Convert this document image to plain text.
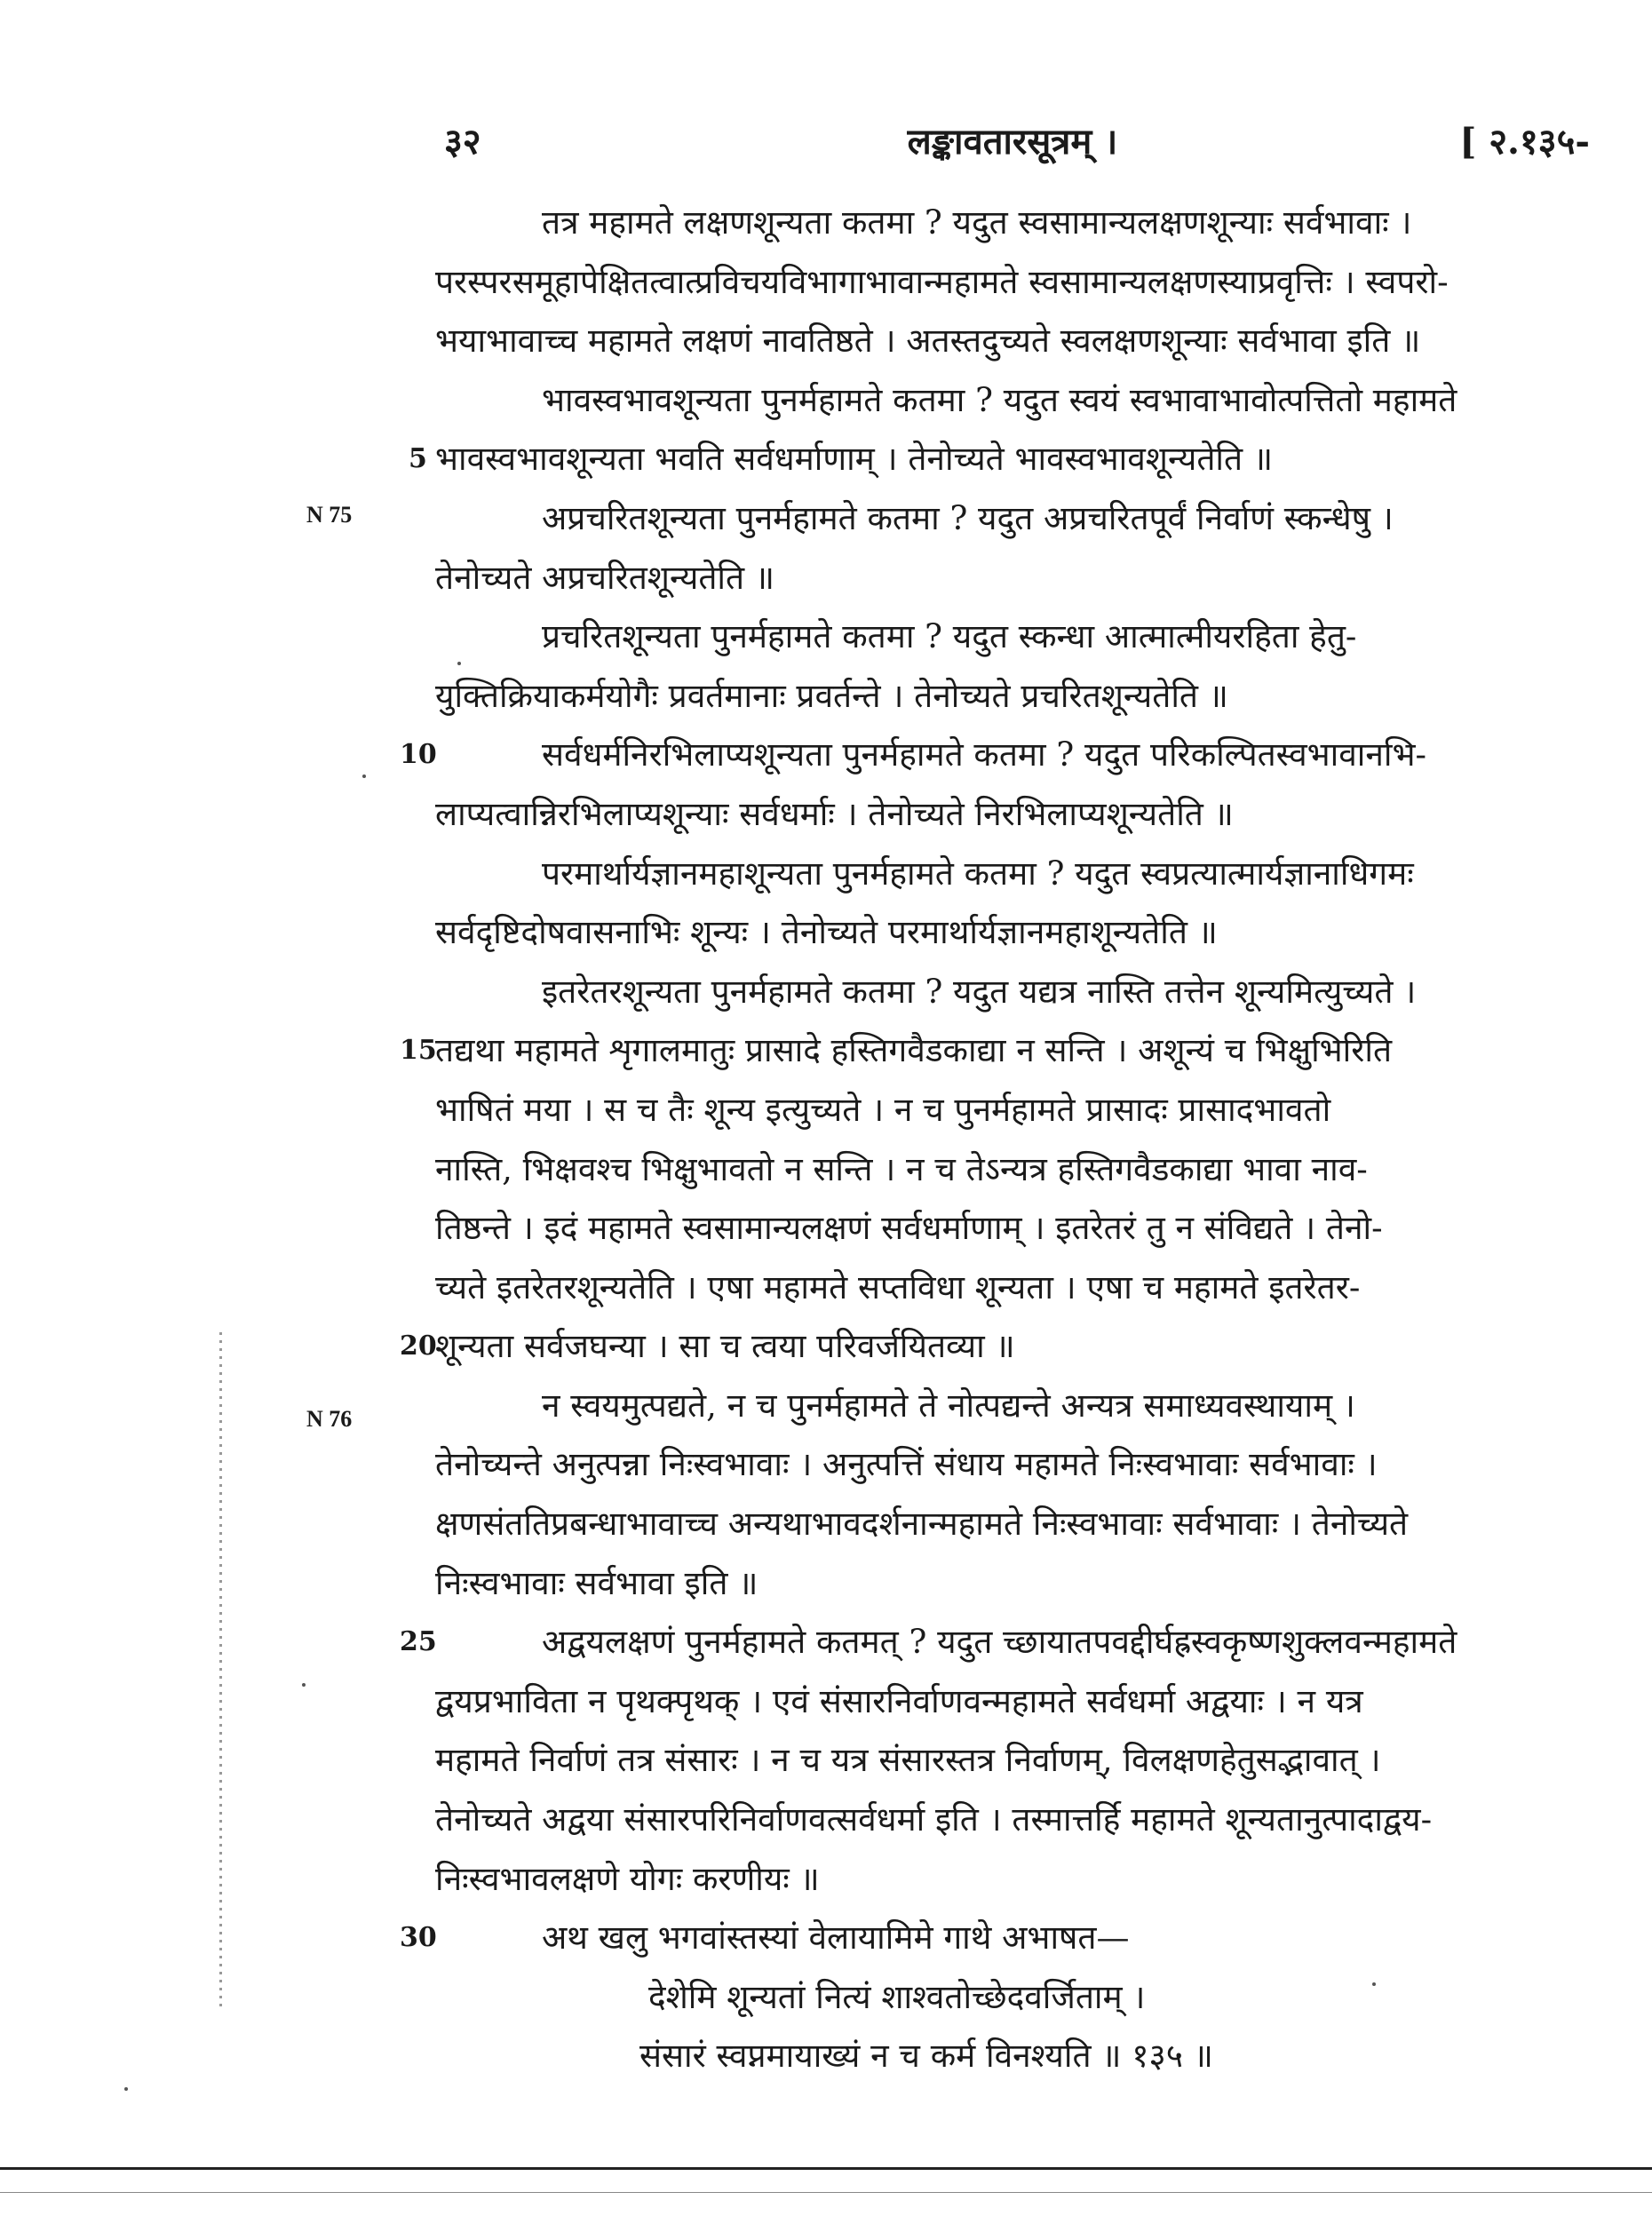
३२	लङ्कावतारसूत्रम् ।	[ २.१३५-
N 75
N 76
तत्र महामते लक्षणशून्यता कतमा ? यदुत स्वसामान्यलक्षणशून्याः सर्वभावाः ।
परस्परसमूहापेक्षितत्वात्प्रविचयविभागाभावान्महामते स्वसामान्यलक्षणस्याप्रवृत्तिः । स्वपरो-
भयाभावाच्च महामते लक्षणं नावतिष्ठते । अतस्तदुच्यते स्वलक्षणशून्याः सर्वभावा इति ॥
भावस्वभावशून्यता पुनर्महामते कतमा ? यदुत स्वयं स्वभावाभावोत्पत्तितो महामते
5 भावस्वभावशून्यता भवति सर्वधर्माणाम् । तेनोच्यते भावस्वभावशून्यतेति ॥
अप्रचरितशून्यता पुनर्महामते कतमा ? यदुत अप्रचरितपूर्वं निर्वाणं स्कन्धेषु ।
तेनोच्यते अप्रचरितशून्यतेति ॥
प्रचरितशून्यता पुनर्महामते कतमा ? यदुत स्कन्धा आत्मात्मीयरहिता हेतु-
युक्तिक्रियाकर्मयोगैः प्रवर्तमानाः प्रवर्तन्ते । तेनोच्यते प्रचरितशून्यतेति ॥
10	सर्वधर्मनिरभिलाप्यशून्यता पुनर्महामते कतमा ? यदुत परिकल्पितस्वभावानभि-
लाप्यत्वान्निरभिलाप्यशून्याः सर्वधर्माः । तेनोच्यते निरभिलाप्यशून्यतेति ॥
परमार्थार्यज्ञानमहाशून्यता पुनर्महामते कतमा ? यदुत स्वप्रत्यात्मार्यज्ञानाधिगमः
सर्वदृष्टिदोषवासनाभिः शून्यः । तेनोच्यते परमार्थार्यज्ञानमहाशून्यतेति ॥
इतरेतरशून्यता पुनर्महामते कतमा ? यदुत यद्यत्र नास्ति तत्तेन शून्यमित्युच्यते ।
15
तद्यथा महामते शृगालमातुः प्रासादे हस्तिगवैडकाद्या न सन्ति । अशून्यं च भिक्षुभिरिति
भाषितं मया । स च तैः शून्य इत्युच्यते । न च पुनर्महामते प्रासादः प्रासादभावतो
नास्ति, भिक्षवश्च भिक्षुभावतो न सन्ति । न च तेऽन्यत्र हस्तिगवैडकाद्या भावा नाव-
तिष्ठन्ते । इदं महामते स्वसामान्यलक्षणं सर्वधर्माणाम् । इतरेतरं तु न संविद्यते । तेनो-
च्यते इतरेतरशून्यतेति । एषा महामते सप्तविधा शून्यता । एषा च महामते इतरेतर-
20
शून्यता सर्वजघन्या । सा च त्वया परिवर्जयितव्या ॥
न स्वयमुत्पद्यते, न च पुनर्महामते ते नोत्पद्यन्ते अन्यत्र समाध्यवस्थायाम् ।
तेनोच्यन्ते अनुत्पन्ना निःस्वभावाः । अनुत्पत्तिं संधाय महामते निःस्वभावाः सर्वभावाः ।
क्षणसंततिप्रबन्धाभावाच्च अन्यथाभावदर्शनान्महामते निःस्वभावाः सर्वभावाः । तेनोच्यते
निःस्वभावाः सर्वभावा इति ॥
25	अद्वयलक्षणं पुनर्महामते कतमत् ? यदुत च्छायातपवद्दीर्घह्रस्वकृष्णशुक्लवन्महामते
द्वयप्रभाविता न पृथक्पृथक् । एवं संसारनिर्वाणवन्महामते सर्वधर्मा अद्वयाः । न यत्र
महामते निर्वाणं तत्र संसारः । न च यत्र संसारस्तत्र निर्वाणम्, विलक्षणहेतुसद्भावात् ।
तेनोच्यते अद्वया संसारपरिनिर्वाणवत्सर्वधर्मा इति । तस्मात्तर्हि महामते शून्यतानुत्पादाद्वय-
निःस्वभावलक्षणे योगः करणीयः ॥
30	अथ खलु भगवांस्तस्यां वेलायामिमे गाथे अभाषत—
देशेमि शून्यतां नित्यं शाश्वतोच्छेदवर्जिताम् ।
संसारं स्वप्नमायाख्यं न च कर्म विनश्यति ॥ १३५ ॥
